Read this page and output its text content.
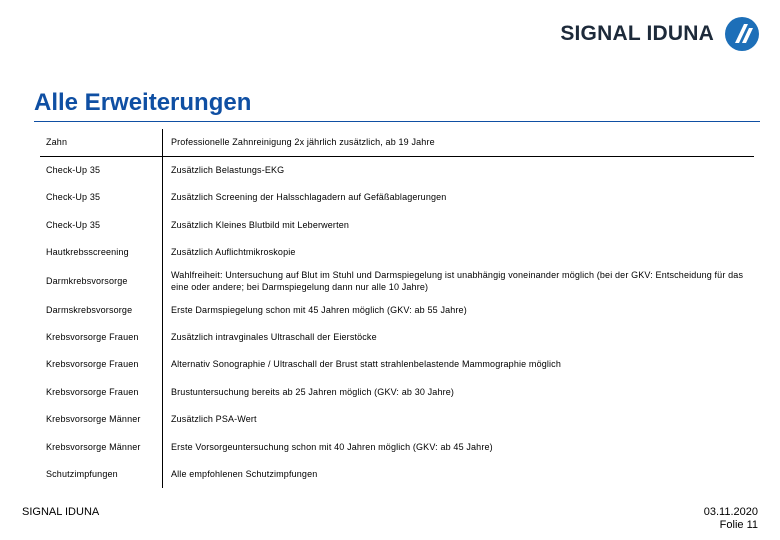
SIGNAL IDUNA
Alle Erweiterungen
Zahn	Professionelle Zahnreinigung 2x jährlich zusätzlich, ab 19 Jahre
Check-Up 35	Zusätzlich Belastungs-EKG
Check-Up 35	Zusätzlich Screening der Halsschlagadern auf Gefäßablagerungen
Check-Up 35	Zusätzlich Kleines Blutbild mit Leberwerten
Hautkrebsscreening	Zusätzlich Auflichtmikroskopie
Darmkrebsvorsorge	Wahlfreiheit: Untersuchung auf Blut im Stuhl und Darmspiegelung ist unabhängig voneinander möglich (bei der GKV: Entscheidung für das eine oder andere; bei Darmspiegelung dann nur alle 10 Jahre)
Darmskrebsvorsorge	Erste Darmspiegelung schon mit 45 Jahren möglich (GKV: ab 55 Jahre)
Krebsvorsorge Frauen	Zusätzlich intravginales Ultraschall der Eierstöcke
Krebsvorsorge Frauen	Alternativ Sonographie / Ultraschall der Brust statt strahlenbelastende Mammographie möglich
Krebsvorsorge Frauen	Brustuntersuchung bereits ab 25 Jahren möglich (GKV: ab 30 Jahre)
Krebsvorsorge Männer	Zusätzlich PSA-Wert
Krebsvorsorge Männer	Erste Vorsorgeuntersuchung schon mit 40 Jahren möglich (GKV: ab 45 Jahre)
Schutzimpfungen	Alle empfohlenen Schutzimpfungen
SIGNAL IDUNA	03.11.2020
Folie 11
